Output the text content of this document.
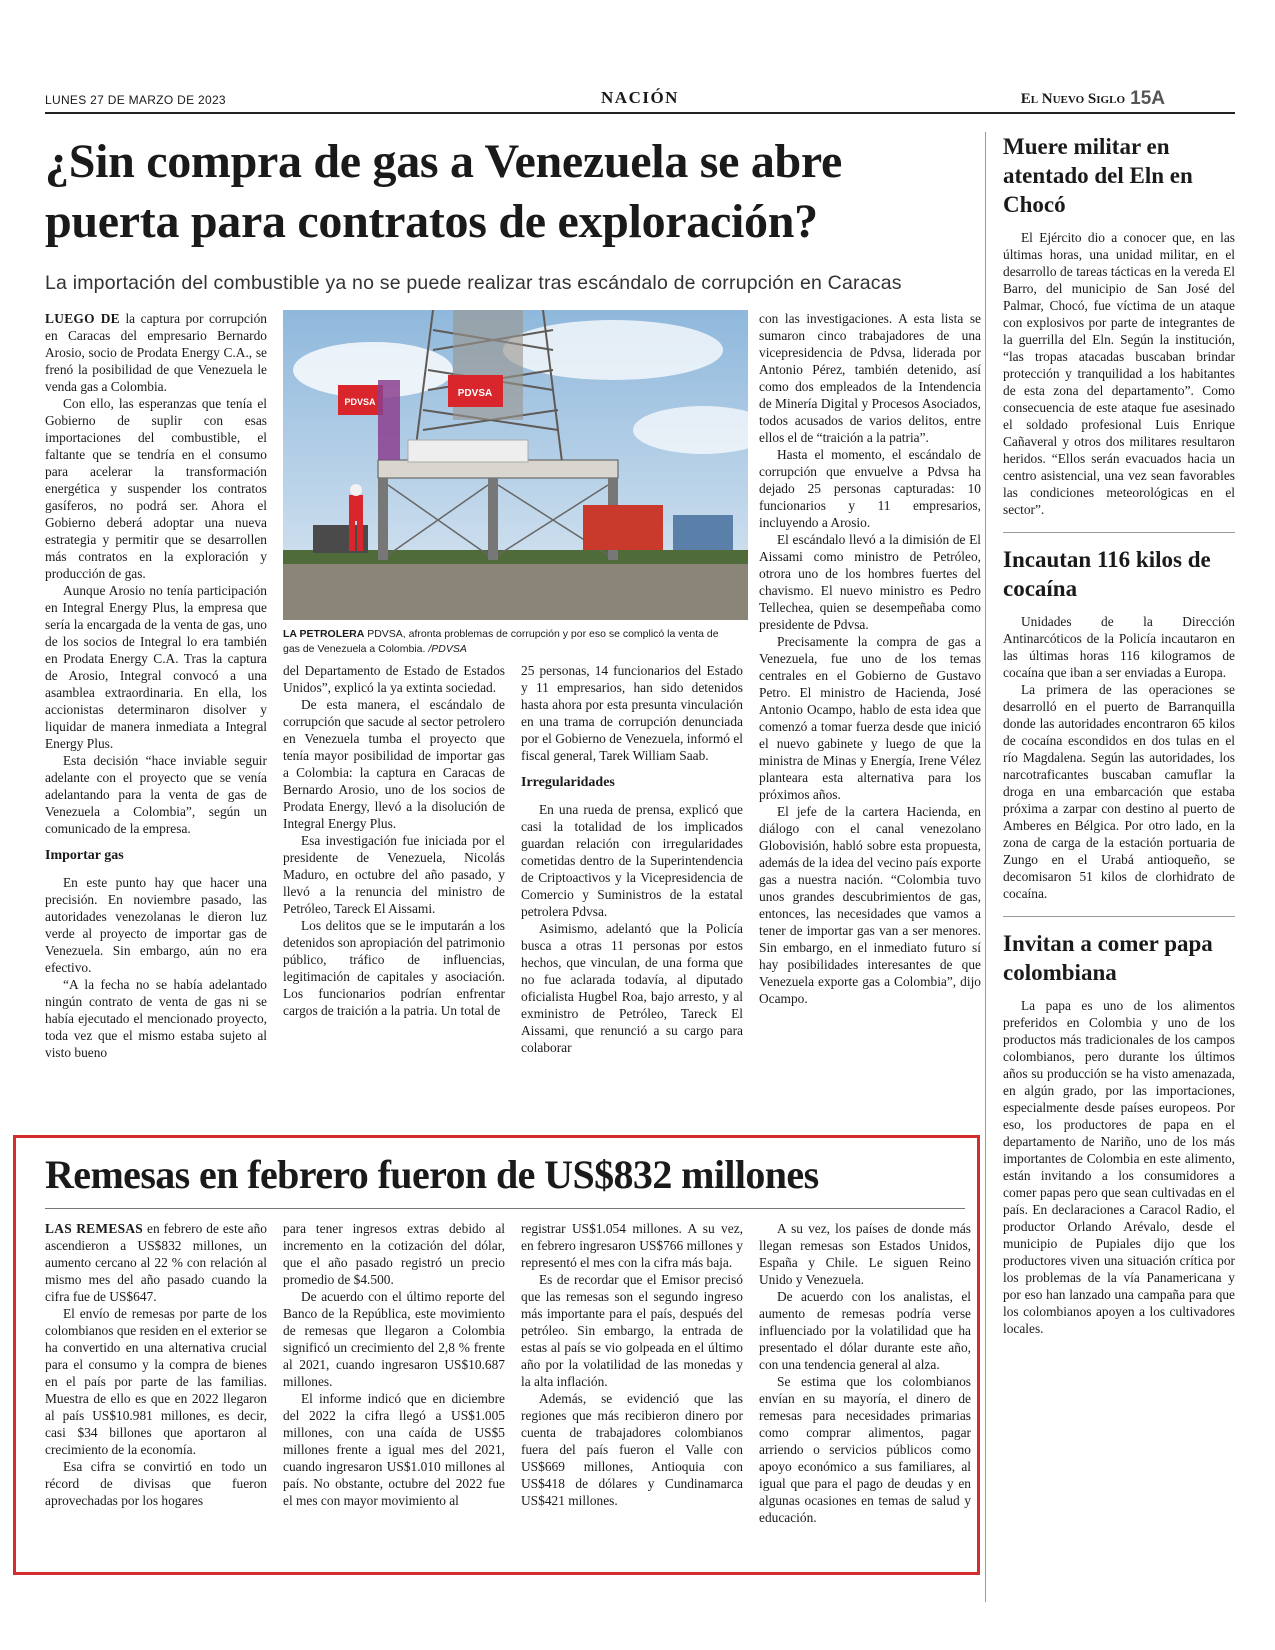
LUNES 27 DE MARZO DE 2023	NACIÓN	El Nuevo Siglo 15A
¿Sin compra de gas a Venezuela se abre puerta para contratos de exploración?

La importación del combustible ya no se puede realizar tras escándalo de corrupción en Caracas

LUEGO DE la captura por corrupción en Caracas del empresario Bernardo Arosio, socio de Prodata Energy C.A., se frenó la posibilidad de que Venezuela le venda gas a Colombia.

Con ello, las esperanzas que tenía el Gobierno de suplir con esas importaciones del combustible, el faltante que se tendría en el consumo para acelerar la transformación energética y suspender los contratos gasíferos, no podrá ser. Ahora el Gobierno deberá adoptar una nueva estrategia y permitir que se desarrollen más contratos en la exploración y producción de gas.

Aunque Arosio no tenía participación en Integral Energy Plus, la empresa que sería la encargada de la venta de gas, uno de los socios de Integral lo era también en Prodata Energy C.A. Tras la captura de Arosio, Integral convocó a una asamblea extraordinaria. En ella, los accionistas determinaron disolver y liquidar de manera inmediata a Integral Energy Plus.

Esta decisión “hace inviable seguir adelante con el proyecto que se venía adelantando para la venta de gas de Venezuela a Colombia”, según un comunicado de la empresa.

Importar gas

En este punto hay que hacer una precisión. En noviembre pasado, las autoridades venezolanas le dieron luz verde al proyecto de importar gas de Venezuela. Sin embargo, aún no era efectivo.

“A la fecha no se había adelantado ningún contrato de venta de gas ni se había ejecutado el mencionado proyecto, toda vez que el mismo estaba sujeto al visto bueno

PDVSA
PDVSA
LA PETROLERA PDVSA, afronta problemas de corrupción y por eso se complicó la venta de gas de Venezuela a Colombia. /PDVSA

del Departamento de Estado de Estados Unidos”, explicó la ya extinta sociedad.

De esta manera, el escándalo de corrupción que sacude al sector petrolero en Venezuela tumba el proyecto que tenía mayor posibilidad de importar gas a Colombia: la captura en Caracas de Bernardo Arosio, uno de los socios de Prodata Energy, llevó a la disolución de Integral Energy Plus.

Esa investigación fue iniciada por el presidente de Venezuela, Nicolás Maduro, en octubre del año pasado, y llevó a la renuncia del ministro de Petróleo, Tareck El Aissami.

Los delitos que se le imputarán a los detenidos son apropiación del patrimonio público, tráfico de influencias, legitimación de capitales y asociación. Los funcionarios podrían enfrentar cargos de traición a la patria. Un total de

25 personas, 14 funcionarios del Estado y 11 empresarios, han sido detenidos hasta ahora por esta presunta vinculación en una trama de corrupción denunciada por el Gobierno de Venezuela, informó el fiscal general, Tarek William Saab.

Irregularidades

En una rueda de prensa, explicó que casi la totalidad de los implicados guardan relación con irregularidades cometidas dentro de la Superintendencia de Criptoactivos y la Vicepresidencia de Comercio y Suministros de la estatal petrolera Pdvsa.

Asimismo, adelantó que la Policía busca a otras 11 personas por estos hechos, que vinculan, de una forma que no fue aclarada todavía, al diputado oficialista Hugbel Roa, bajo arresto, y al exministro de Petróleo, Tareck El Aissami, que renunció a su cargo para colaborar

con las investigaciones. A esta lista se sumaron cinco trabajadores de una vicepresidencia de Pdvsa, liderada por Antonio Pérez, también detenido, así como dos empleados de la Intendencia de Minería Digital y Procesos Asociados, todos acusados de varios delitos, entre ellos el de “traición a la patria”.

Hasta el momento, el escándalo de corrupción que envuelve a Pdvsa ha dejado 25 personas capturadas: 10 funcionarios y 11 empresarios, incluyendo a Arosio.

El escándalo llevó a la dimisión de El Aissami como ministro de Petróleo, otrora uno de los hombres fuertes del chavismo. El nuevo ministro es Pedro Tellechea, quien se desempeñaba como presidente de Pdvsa.

Precisamente la compra de gas a Venezuela, fue uno de los temas centrales en el Gobierno de Gustavo Petro. El ministro de Hacienda, José Antonio Ocampo, hablo de esta idea que comenzó a tomar fuerza desde que inició el nuevo gabinete y luego de que la ministra de Minas y Energía, Irene Vélez planteara esta alternativa para los próximos años.

El jefe de la cartera Hacienda, en diálogo con el canal venezolano Globovisión, habló sobre esta propuesta, además de la idea del vecino país exporte gas a nuestra nación. “Colombia tuvo unos grandes descubrimientos de gas, entonces, las necesidades que vamos a tener de importar gas van a ser menores. Sin embargo, en el inmediato futuro sí hay posibilidades interesantes de que Venezuela exporte gas a Colombia”, dijo Ocampo.

Muere militar en atentado del Eln en Chocó

El Ejército dio a conocer que, en las últimas horas, una unidad militar, en el desarrollo de tareas tácticas en la vereda El Barro, del municipio de San José del Palmar, Chocó, fue víctima de un ataque con explosivos por parte de integrantes de la guerrilla del Eln. Según la institución, “las tropas atacadas buscaban brindar protección y tranquilidad a los habitantes de esta zona del departamento”. Como consecuencia de este ataque fue asesinado el soldado profesional Luis Enrique Cañaveral y otros dos militares resultaron heridos. “Ellos serán evacuados hacia un centro asistencial, una vez sean favorables las condiciones meteorológicas en el sector”.

Incautan 116 kilos de cocaína

Unidades de la Dirección Antinarcóticos de la Policía incautaron en las últimas horas 116 kilogramos de cocaína que iban a ser enviadas a Europa.

La primera de las operaciones se desarrolló en el puerto de Barranquilla donde las autoridades encontraron 65 kilos de cocaína escondidos en dos tulas en el río Magdalena. Según las autoridades, los narcotraficantes buscaban camuflar la droga en una embarcación que estaba próxima a zarpar con destino al puerto de Amberes en Bélgica. Por otro lado, en la zona de carga de la estación portuaria de Zungo en el Urabá antioqueño, se decomisaron 51 kilos de clorhidrato de cocaína.

Invitan a comer papa colombiana

La papa es uno de los alimentos preferidos en Colombia y uno de los productos más tradicionales de los campos colombianos, pero durante los últimos años su producción se ha visto amenazada, en algún grado, por las importaciones, especialmente desde países europeos. Por eso, los productores de papa en el departamento de Nariño, uno de los más importantes de Colombia en este alimento, están invitando a los consumidores a comer papas pero que sean cultivadas en el país. En declaraciones a Caracol Radio, el productor Orlando Arévalo, desde el municipio de Pupiales dijo que los productores viven una situación crítica por los problemas de la vía Panamericana y por eso han lanzado una campaña para que los colombianos apoyen a los cultivadores locales.

Remesas en febrero fueron de US$832 millones

LAS REMESAS en febrero de este año ascendieron a US$832 millones, un aumento cercano al 22 % con relación al mismo mes del año pasado cuando la cifra fue de US$647.

El envío de remesas por parte de los colombianos que residen en el exterior se ha convertido en una alternativa crucial para el consumo y la compra de bienes en el país por parte de las familias. Muestra de ello es que en 2022 llegaron al país US$10.981 millones, es decir, casi $34 billones que aportaron al crecimiento de la economía.

Esa cifra se convirtió en todo un récord de divisas que fueron aprovechadas por los hogares

para tener ingresos extras debido al incremento en la cotización del dólar, que el año pasado registró un precio promedio de $4.500.

De acuerdo con el último reporte del Banco de la República, este movimiento de remesas que llegaron a Colombia significó un crecimiento del 2,8 % frente al 2021, cuando ingresaron US$10.687 millones.

El informe indicó que en diciembre del 2022 la cifra llegó a US$1.005 millones, con una caída de US$5 millones frente a igual mes del 2021, cuando ingresaron US$1.010 millones al país. No obstante, octubre del 2022 fue el mes con mayor movimiento al

registrar US$1.054 millones. A su vez, en febrero ingresaron US$766 millones y representó el mes con la cifra más baja.

Es de recordar que el Emisor precisó que las remesas son el segundo ingreso más importante para el país, después del petróleo. Sin embargo, la entrada de estas al país se vio golpeada en el último año por la volatilidad de las monedas y la alta inflación.

Además, se evidenció que las regiones que más recibieron dinero por cuenta de trabajadores colombianos fuera del país fueron el Valle con US$669 millones, Antioquia con US$418 de dólares y Cundinamarca US$421 millones.

A su vez, los países de donde más llegan remesas son Estados Unidos, España y Chile. Le siguen Reino Unido y Venezuela.

De acuerdo con los analistas, el aumento de remesas podría verse influenciado por la volatilidad que ha presentado el dólar durante este año, con una tendencia general al alza.

Se estima que los colombianos envían en su mayoría, el dinero de remesas para necesidades primarias como comprar alimentos, pagar arriendo o servicios públicos como apoyo económico a sus familiares, al igual que para el pago de deudas y en algunas ocasiones en temas de salud y educación.
